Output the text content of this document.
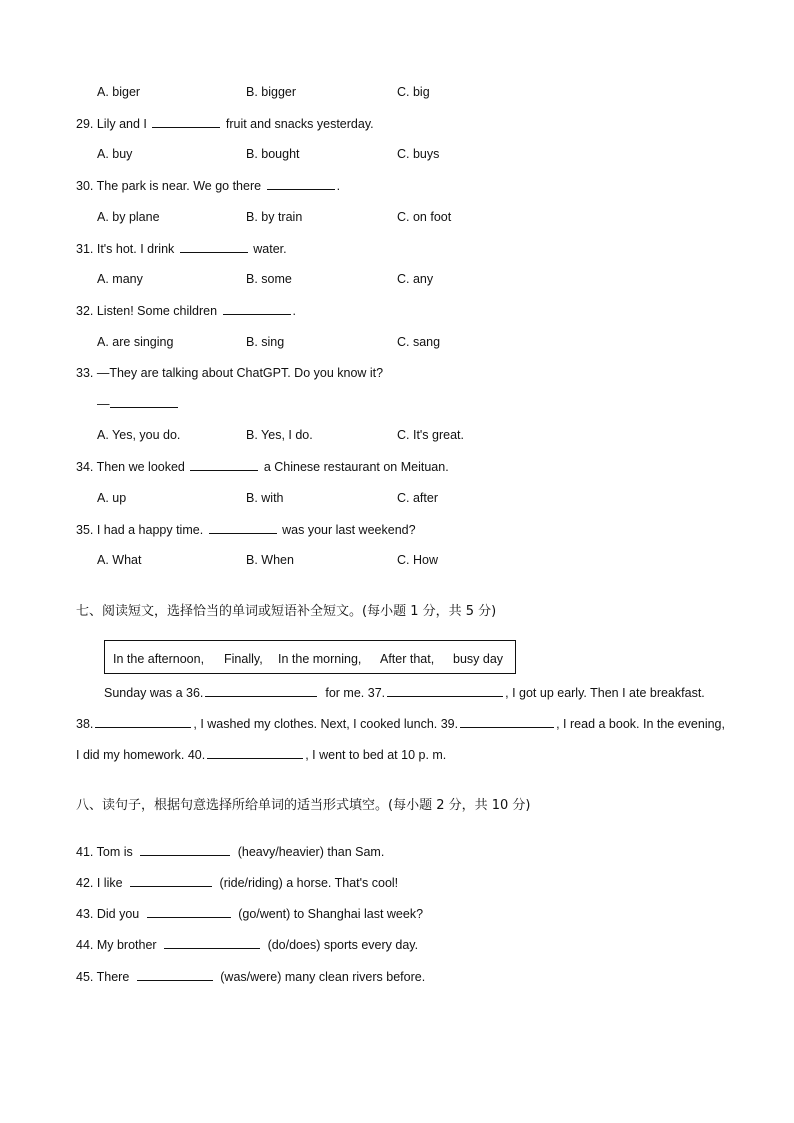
A. biger	B. bigger	C. big
29. Lily and I	fruit and snacks yesterday.
A. buy	B. bought	C. buys
30. The park is near. We go there	.
A. by plane	B. by train	C. on foot
31. It's hot. I drink	water.
A. many	B. some	C. any
32. Listen! Some children	.
A. are singing	B. sing	C. sang
33. —They are talking about ChatGPT. Do you know it?
—
A. Yes, you do.	B. Yes, I do.	C. It's great.
34. Then we looked	a Chinese restaurant on Meituan.
A. up	B. with	C. after
35. I had a happy time.	was your last weekend?
A. What	B. When	C. How
七、阅读短文，选择恰当的单词或短语补全短文。(每小题 1 分，共 5 分)
In the afternoon, Finally, In the morning, After that, busy day
Sunday was a 36.	for me. 37.	, I got up early. Then I ate breakfast.
38.	, I washed my clothes. Next, I cooked lunch. 39.	, I read a book. In the evening,
I did my homework. 40.	, I went to bed at 10 p. m.
八、读句子，根据句意选择所给单词的适当形式填空。(每小题 2 分，共 10 分)
41. Tom is	(heavy/heavier) than Sam.
42. I like	(ride/riding) a horse. That's cool!
43. Did you	(go/went) to Shanghai last week?
44. My brother	(do/does) sports every day.
45. There	(was/were) many clean rivers before.
